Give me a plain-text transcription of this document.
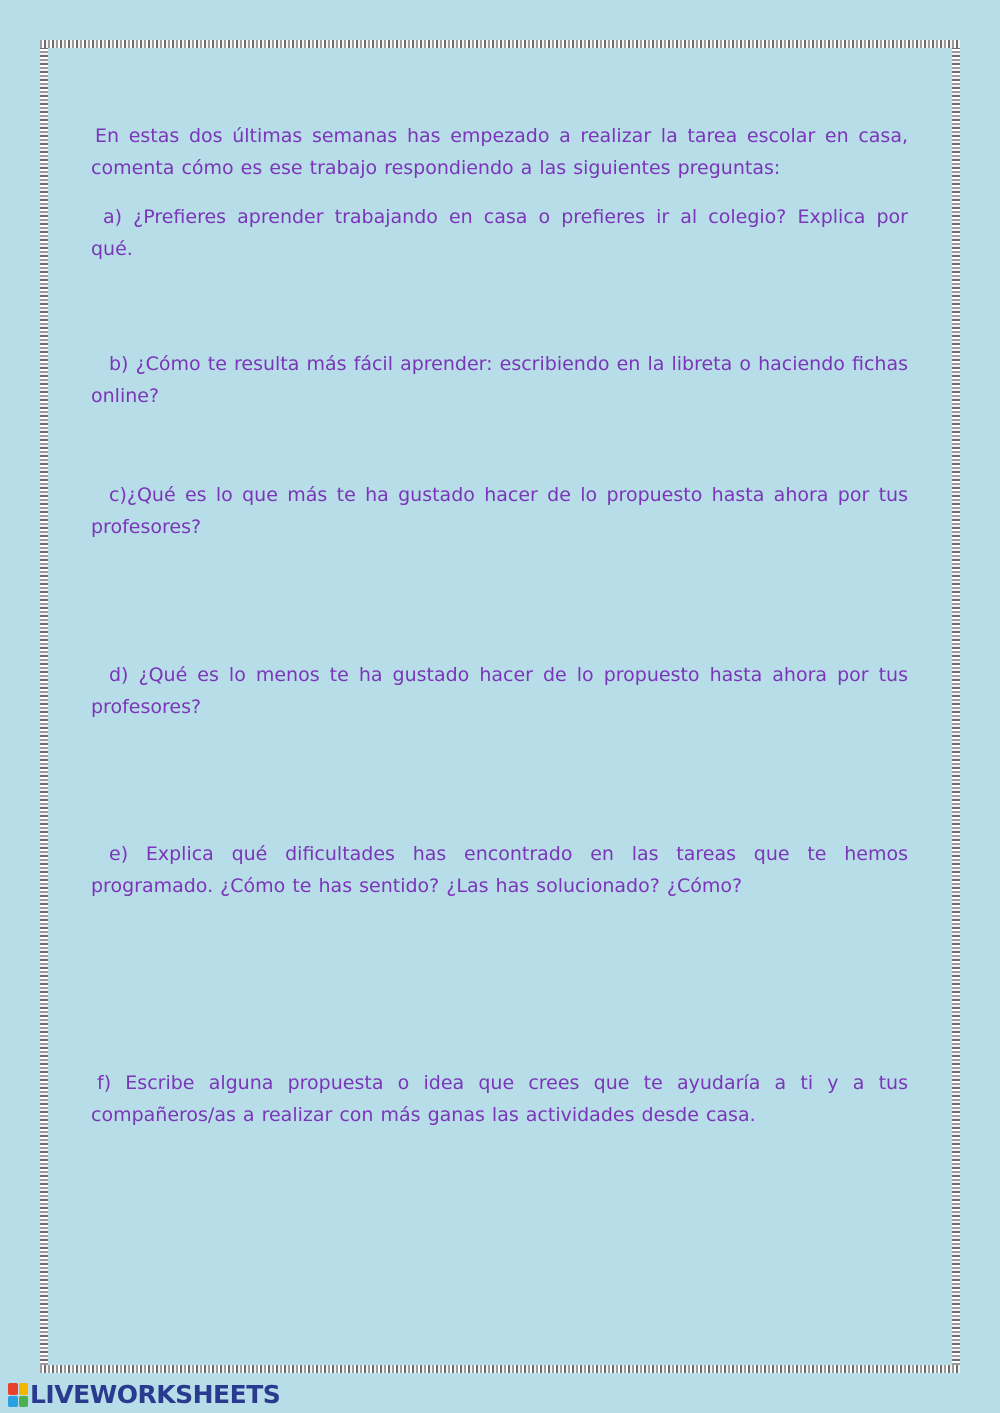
En estas dos últimas semanas has empezado a realizar la tarea escolar en casa, comenta cómo es ese trabajo respondiendo a las siguientes preguntas:

a) ¿Prefieres aprender trabajando en casa o prefieres ir al colegio? Explica por qué.

b) ¿Cómo te resulta más fácil aprender: escribiendo en la libreta o haciendo fichas online?

c)¿Qué es lo que más te ha gustado hacer de lo propuesto hasta ahora por tus profesores?

d) ¿Qué es lo menos te ha gustado hacer de lo propuesto hasta ahora por tus profesores?

e) Explica qué dificultades has encontrado en las tareas que te hemos programado. ¿Cómo te has sentido? ¿Las has solucionado? ¿Cómo?

f) Escribe alguna propuesta o idea que crees que te ayudaría a ti y a tus compañeros/as a realizar con más ganas las actividades desde casa.

LIVEWORKSHEETS
